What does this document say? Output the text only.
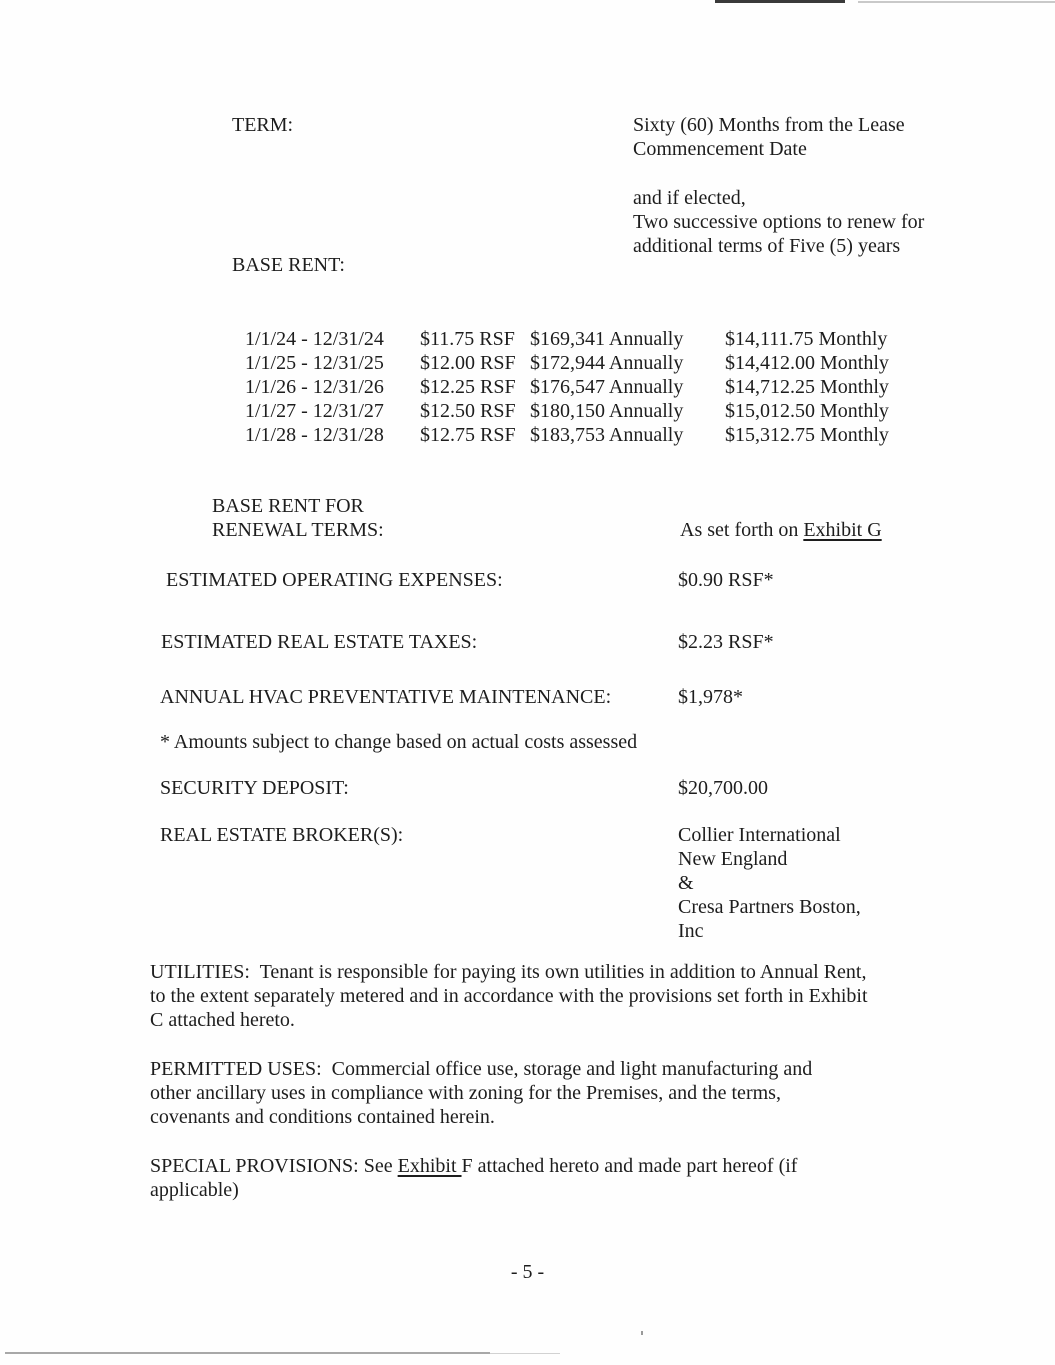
TERM:	Sixty (60) Months from the Lease
Commencement Date
and if elected,
Two successive options to renew for
additional terms of Five (5) years
BASE RENT:
1/1/24 - 12/31/24	$11.75 RSF $169,341 Annually	$14,111.75 Monthly
1/1/25 - 12/31/25	$12.00 RSF $172,944 Annually	$14,412.00 Monthly
1/1/26 - 12/31/26	$12.25 RSF $176,547 Annually	$14,712.25 Monthly
1/1/27 - 12/31/27	$12.50 RSF $180,150 Annually	$15,012.50 Monthly
1/1/28 - 12/31/28	$12.75 RSF $183,753 Annually	$15,312.75 Monthly
BASE RENT FOR
RENEWAL TERMS:	As set forth on Exhibit G
ESTIMATED OPERATING EXPENSES:	$0.90 RSF*
ESTIMATED REAL ESTATE TAXES:	$2.23 RSF*
ANNUAL HVAC PREVENTATIVE MAINTENANCE:	$1,978*
* Amounts subject to change based on actual costs assessed
SECURITY DEPOSIT:	$20,700.00
REAL ESTATE BROKER(S):	Collier International
New England
&
Cresa Partners Boston,
Inc
UTILITIES:  Tenant is responsible for paying its own utilities in addition to Annual Rent,
to the extent separately metered and in accordance with the provisions set forth in Exhibit
C attached hereto.
PERMITTED USES:  Commercial office use, storage and light manufacturing and
other ancillary uses in compliance with zoning for the Premises, and the terms,
covenants and conditions contained herein.
SPECIAL PROVISIONS: See Exhibit F attached hereto and made part hereof (if
applicable)
- 5 -
